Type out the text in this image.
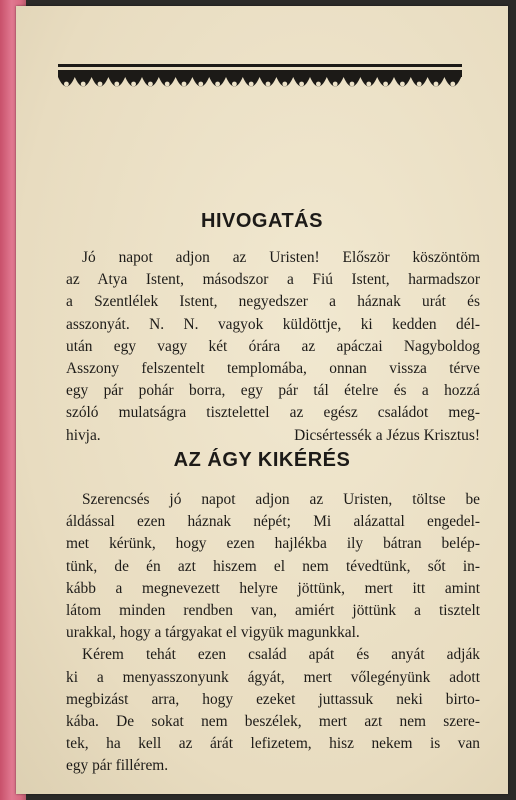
HIVOGATÁS
Jó napot adjon az Uristen! Először köszöntöm
az Atya Istent, másodszor a Fiú Istent, harmadszor
a Szentlélek Istent, negyedszer a háznak urát és
asszonyát. N. N. vagyok küldöttje, ki kedden dél-
után egy vagy két órára az apáczai Nagyboldog
Asszony felszentelt templomába, onnan vissza térve
egy pár pohár borra, egy pár tál ételre és a hozzá
szóló mulatságra tisztelettel az egész családot meg-
hivja.	Dicsértessék a Jézus Krisztus!
AZ ÁGY KIKÉRÉS
Szerencsés jó napot adjon az Uristen, töltse be
áldással ezen háznak népét; Mi alázattal engedel-
met kérünk, hogy ezen hajlékba ily bátran belép-
tünk, de én azt hiszem el nem tévedtünk, sőt in-
kább a megnevezett helyre jöttünk, mert itt amint
látom minden rendben van, amiért jöttünk a tisztelt
urakkal, hogy a tárgyakat el vigyük magunkkal.
Kérem tehát ezen család apát és anyát adják
ki a menyasszonyunk ágyát, mert vőlegényünk adott
megbizást arra, hogy ezeket juttassuk neki birto-
kába. De sokat nem beszélek, mert azt nem szere-
tek, ha kell az árát lefizetem, hisz nekem is van
egy pár fillérem.
